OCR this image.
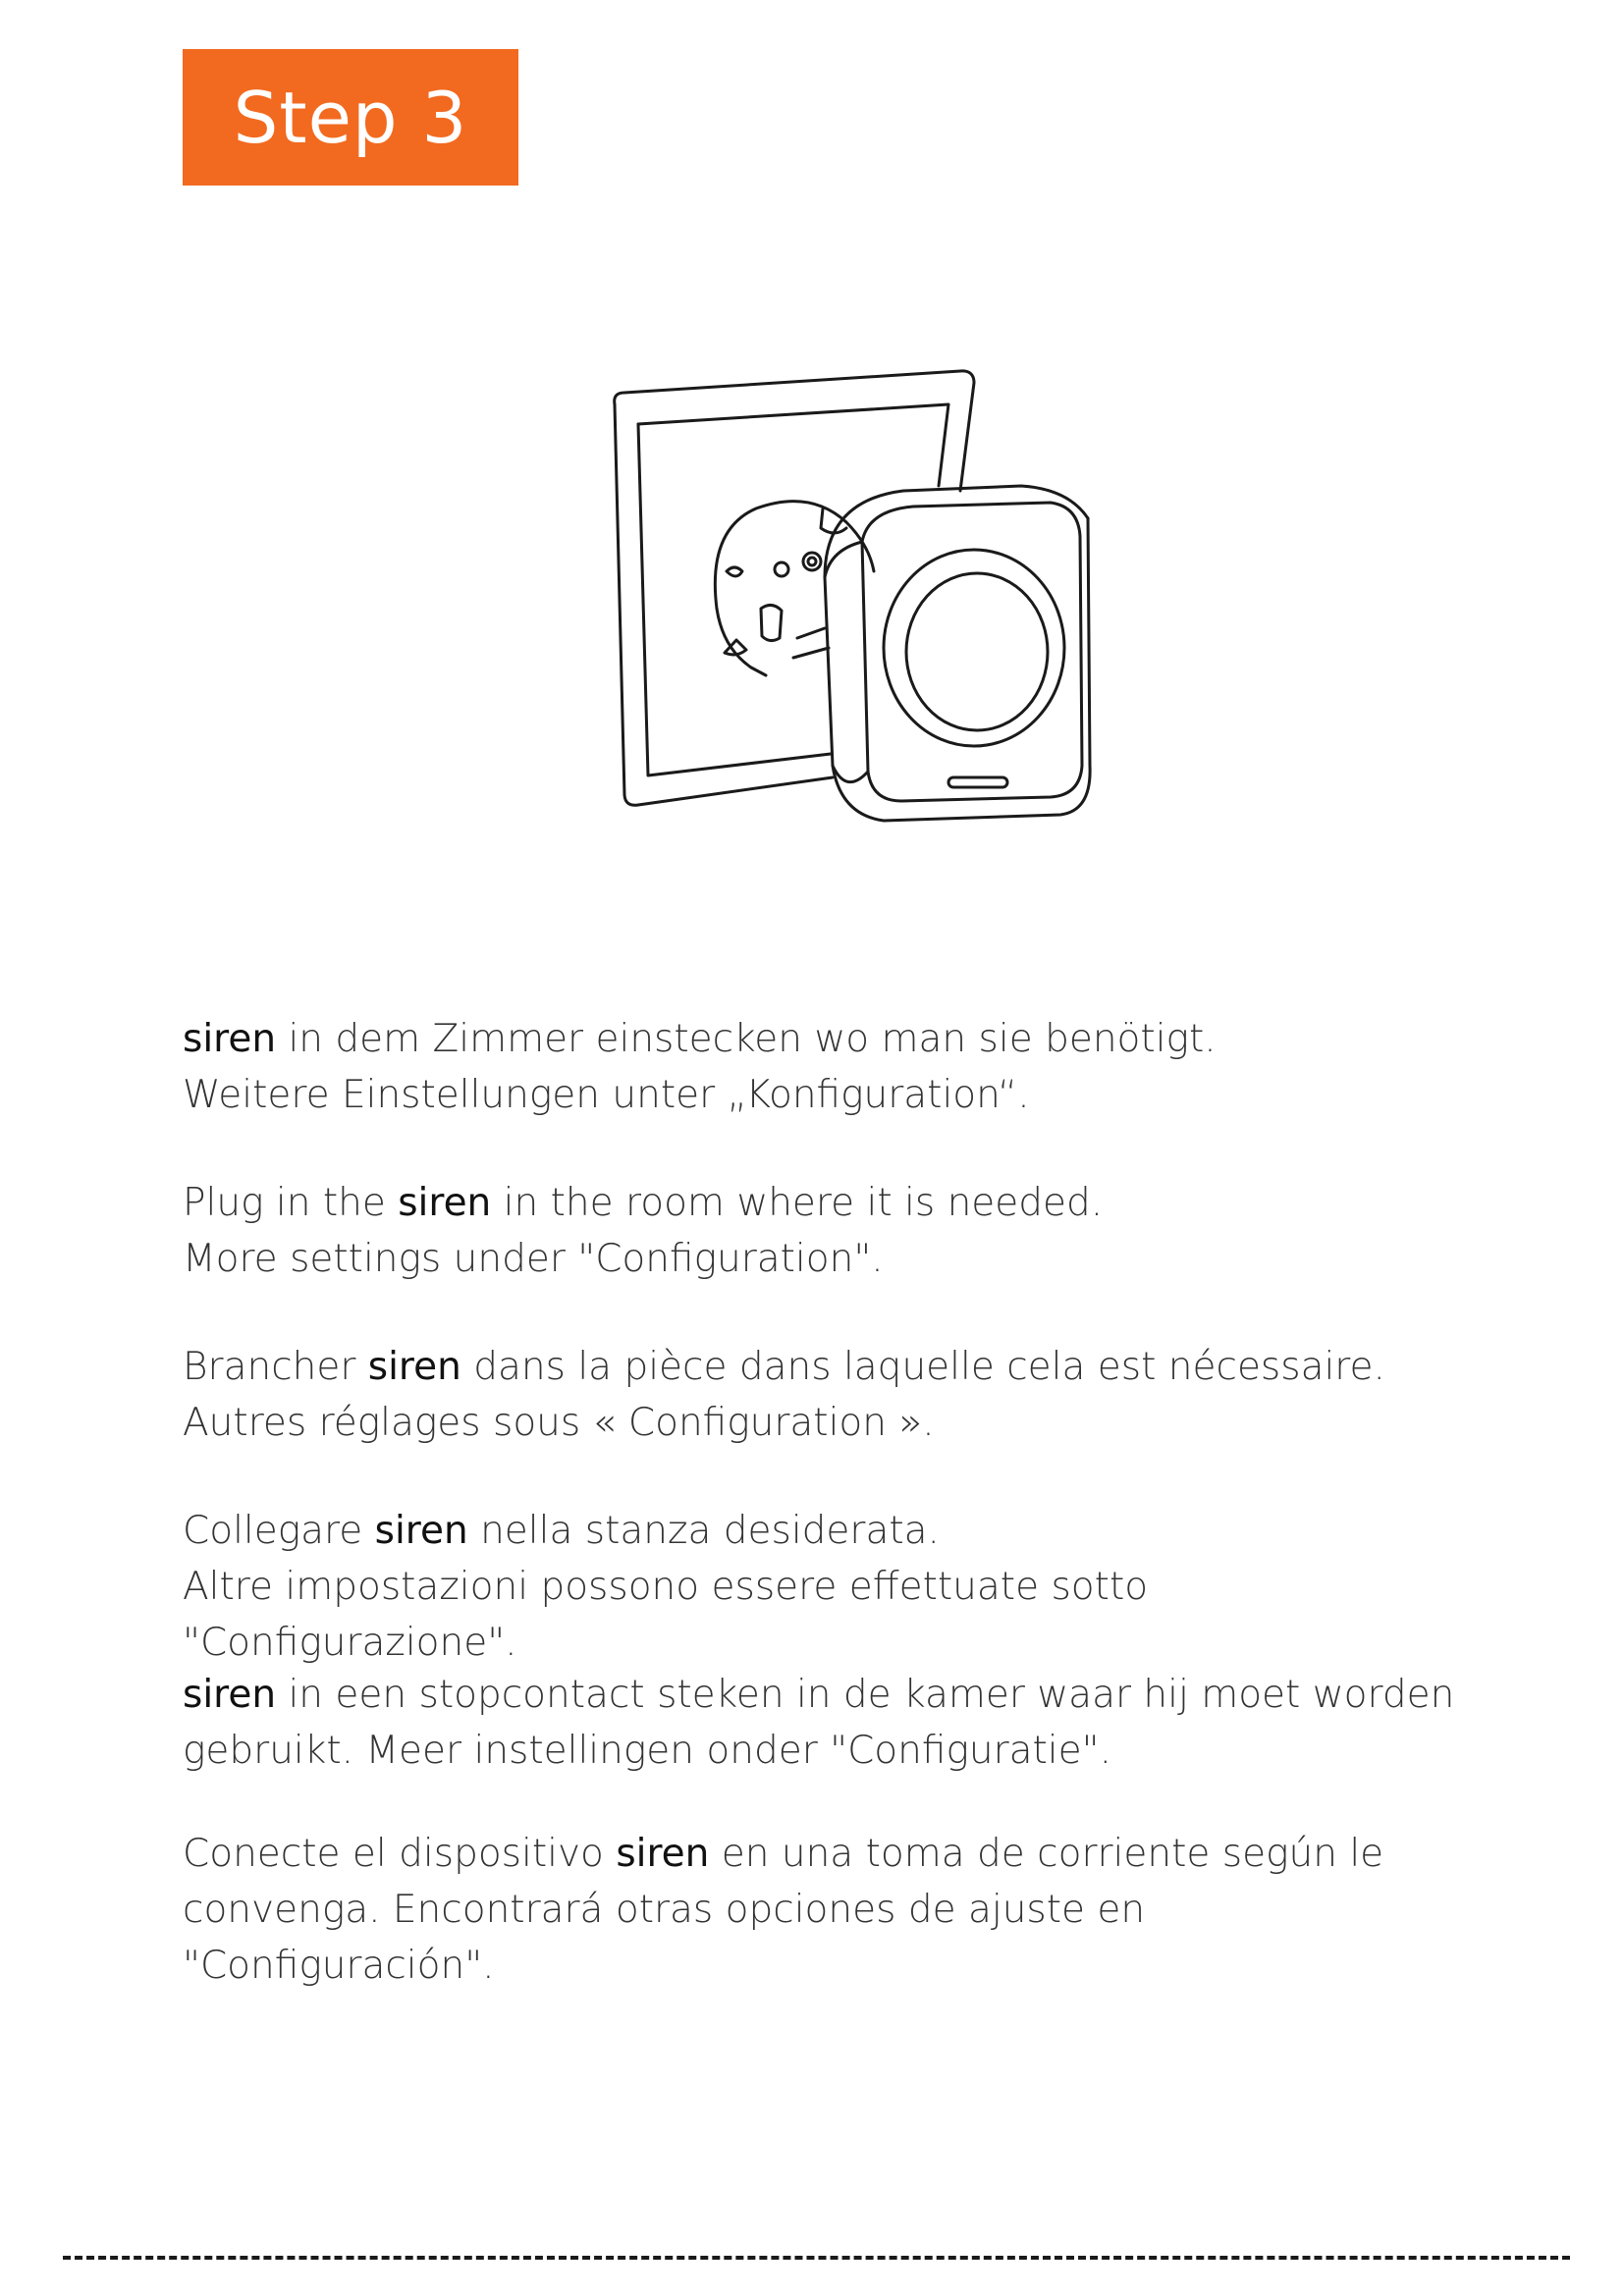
Step 3

siren in dem Zimmer einstecken wo man sie benötigt.
Weitere Einstellungen unter „Konfiguration“.

Plug in the siren in the room where it is needed.
More settings under "Configuration".

Brancher siren dans la pièce dans laquelle cela est nécessaire.
Autres réglages sous « Configuration ».

Collegare siren nella stanza desiderata.
Altre impostazioni possono essere effettuate sotto "Configurazione".

siren in een stopcontact steken in de kamer waar hij moet worden
gebruikt. Meer instellingen onder "Configuratie".

Conecte el dispositivo siren en una toma de corriente según le
convenga. Encontrará otras opciones de ajuste en "Configuración".
